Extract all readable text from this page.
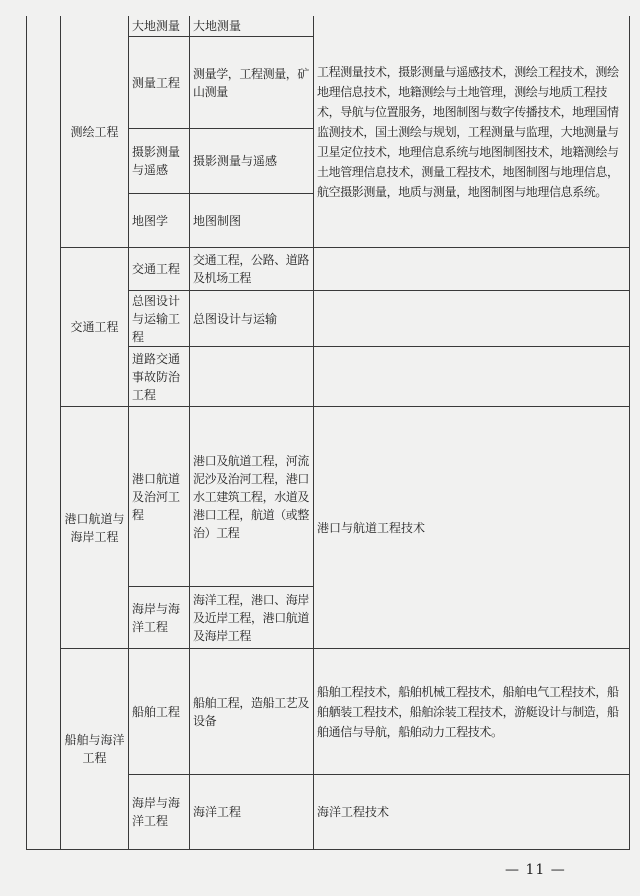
测绘工程
大地测量 大地测量
测量工程
测量学，工程测量，矿山测量
摄影测量与遥感
摄影测量与遥感
地图学 地图制图
工程测量技术，摄影测量与遥感技术，测绘工程技术，测绘地理信息技术，地籍测绘与土地管理，测绘与地质工程技术，导航与位置服务，地图制图与数字传播技术，地理国情监测技术，国土测绘与规划，工程测量与监理，大地测量与卫星定位技术，地理信息系统与地图制图技术，地籍测绘与土地管理信息技术，测量工程技术，地图制图与地理信息，航空摄影测量，地质与测量，地图制图与地理信息系统。
交通工程
交通工程
交通工程，公路、道路及机场工程
总图设计与运输工程
总图设计与运输
道路交通事故防治工程
港口航道与海岸工程
港口航道及治河工程
港口及航道工程，河流泥沙及治河工程，港口水工建筑工程，水道及港口工程，航道（或整治）工程
海岸与海洋工程
海洋工程，港口、海岸及近岸工程，港口航道及海岸工程
港口与航道工程技术
船舶与海洋工程
船舶工程
船舶工程，造船工艺及设备
船舶工程技术，船舶机械工程技术，船舶电气工程技术，船舶舾装工程技术，船舶涂装工程技术，游艇设计与制造，船舶通信与导航，船舶动力工程技术。
海岸与海洋工程
海洋工程	海洋工程技术
— 11 —
